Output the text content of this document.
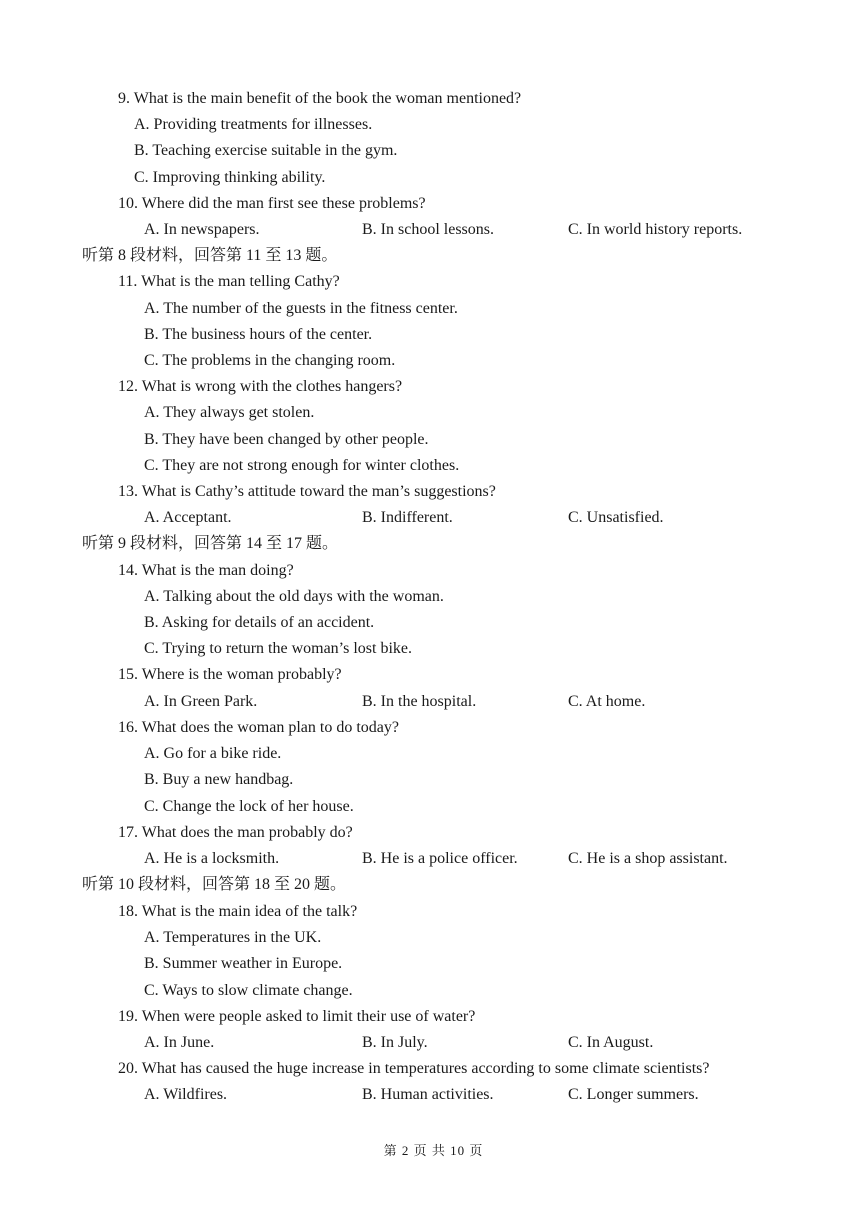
9. What is the main benefit of the book the woman mentioned?
A. Providing treatments for illnesses.
B. Teaching exercise suitable in the gym.
C. Improving thinking ability.
10. Where did the man first see these problems?
A. In newspapers.	B. In school lessons.	C. In world history reports.
听第 8 段材料，回答第 11 至 13 题。
11. What is the man telling Cathy?
A. The number of the guests in the fitness center.
B. The business hours of the center.
C. The problems in the changing room.
12. What is wrong with the clothes hangers?
A. They always get stolen.
B. They have been changed by other people.
C. They are not strong enough for winter clothes.
13. What is Cathy’s attitude toward the man’s suggestions?
A. Acceptant.	B. Indifferent.	C. Unsatisfied.
听第 9 段材料，回答第 14 至 17 题。
14. What is the man doing?
A. Talking about the old days with the woman.
B. Asking for details of an accident.
C. Trying to return the woman’s lost bike.
15. Where is the woman probably?
A. In Green Park.	B. In the hospital.	C. At home.
16. What does the woman plan to do today?
A. Go for a bike ride.
B. Buy a new handbag.
C. Change the lock of her house.
17. What does the man probably do?
A. He is a locksmith.	B. He is a police officer.	C. He is a shop assistant.
听第 10 段材料，回答第 18 至 20 题。
18. What is the main idea of the talk?
A. Temperatures in the UK.
B. Summer weather in Europe.
C. Ways to slow climate change.
19. When were people asked to limit their use of water?
A. In June.	B. In July.	C. In August.
20. What has caused the huge increase in temperatures according to some climate scientists?
A. Wildfires.	B. Human activities.	C. Longer summers.
第 2 页 共 10 页
